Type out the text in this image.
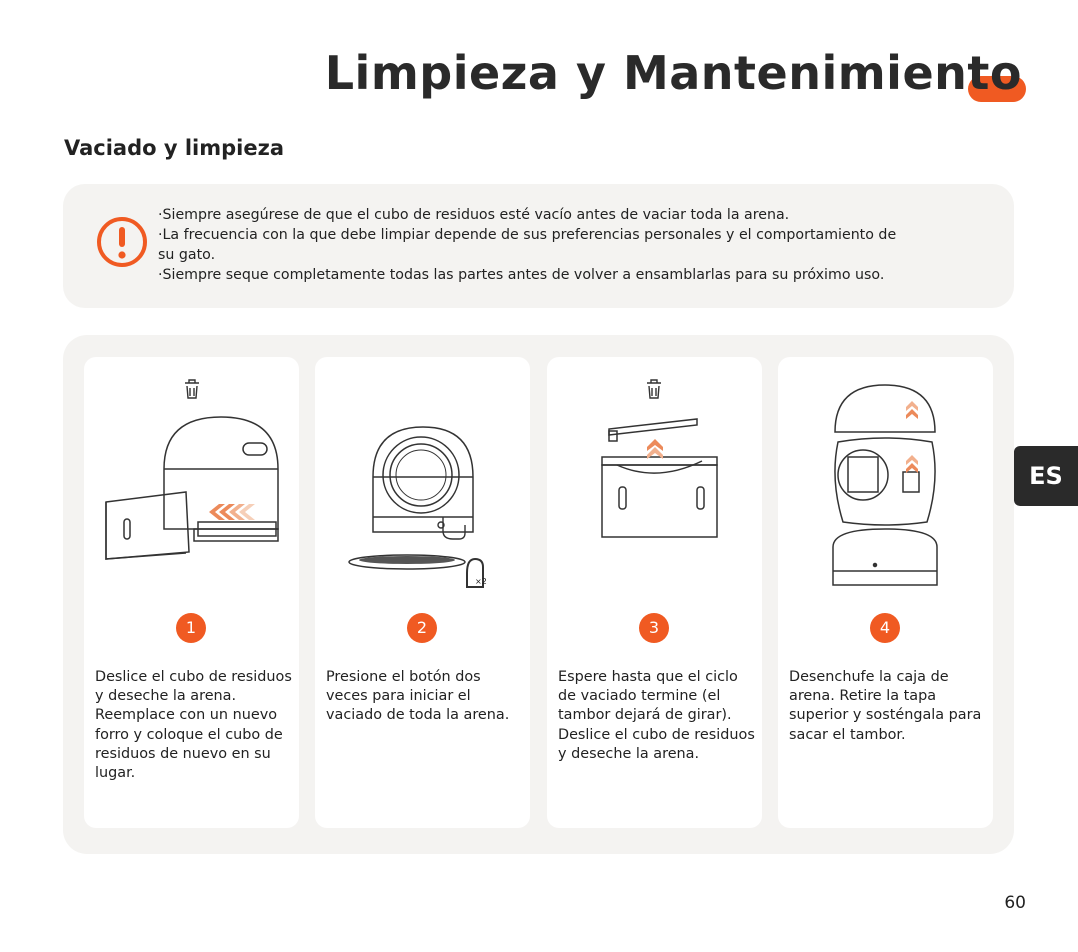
Limpieza y Mantenimiento
Vaciado y limpieza
·Siempre asegúrese de que el cubo de residuos esté vacío antes de vaciar toda la arena.
·La frecuencia con la que debe limpiar depende de sus preferencias personales y el comportamiento de
su gato.
·Siempre seque completamente todas las partes antes de volver a ensamblarlas para su próximo uso.
1
Deslice el cubo de residuos y deseche la arena. Reemplace con un nuevo forro y coloque el cubo de residuos de nuevo en su lugar.
×2
2
Presione el botón dos veces para iniciar el vaciado de toda la arena.
3
Espere hasta que el ciclo de vaciado termine (el tambor dejará de girar). Deslice el cubo de residuos y deseche la arena.
4
Desenchufe la caja de arena. Retire la tapa superior y sosténgala para sacar el tambor.
ES
60
